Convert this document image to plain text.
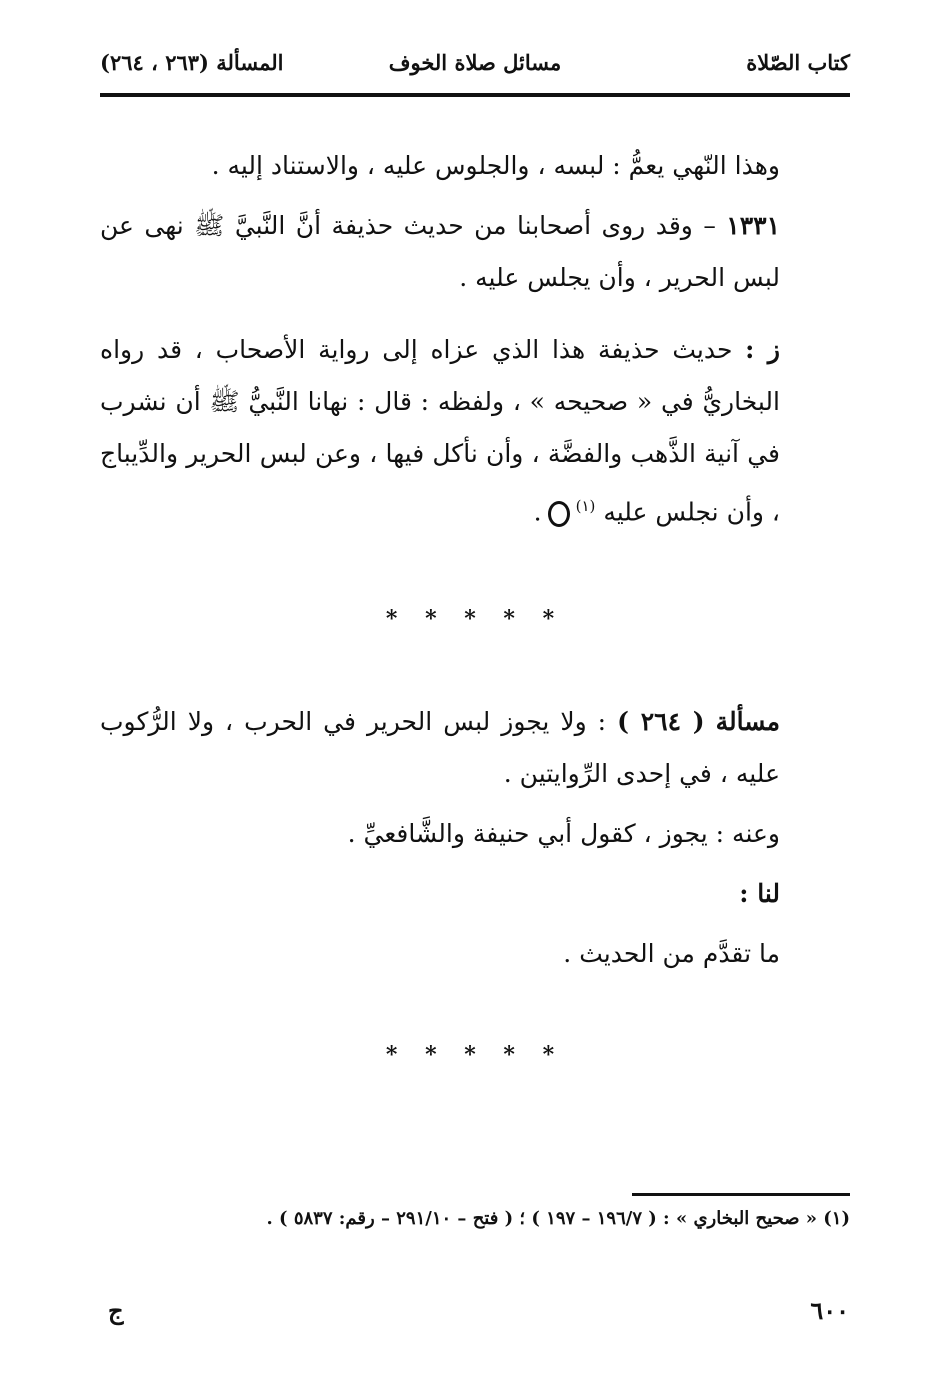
كتاب الصّلاة
مسائل صلاة الخوف
المسألة (٢٦٣ ، ٢٦٤)

وهذا النّهي يعمُّ : لبسه ، والجلوس عليه ، والاستناد إليه .

١٣٣١ – وقد روى أصحابنا من حديث حذيفة أنَّ النَّبيَّ ﷺ نهى عن لبس الحرير ، وأن يجلس عليه .

ز : حديث حذيفة هذا الذي عزاه إلى رواية الأصحاب ، قد رواه البخاريُّ في « صحيحه » ، ولفظه : قال : نهانا النَّبيُّ ﷺ أن نشرب في آنية الذَّهب والفضَّة ، وأن نأكل فيها ، وعن لبس الحرير والدِّيباج ، وأن نجلس عليه $^{(١)}$.

* * * * *

مسألة ( ٢٦٤ ) : ولا يجوز لبس الحرير في الحرب ، ولا الرُّكوب عليه ، في إحدى الرِّوايتين .

وعنه : يجوز ، كقول أبي حنيفة والشَّافعيِّ .

لنا :

ما تقدَّم من الحديث .

* * * * *
(١) « صحيح البخاري » : ( ١٩٦/٧ – ١٩٧ ) ؛ ( فتح – ٢٩١/١٠ – رقم: ٥٨٣٧ ) .
٦٠٠
ج
